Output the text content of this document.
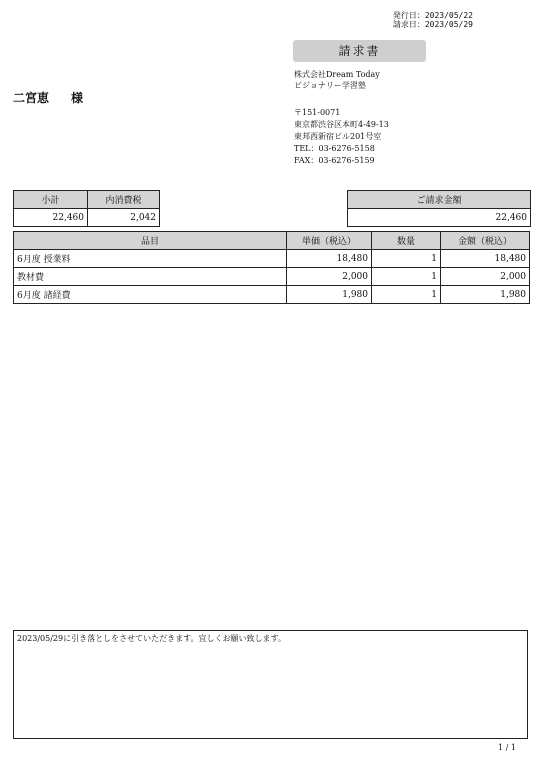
発行日：2023/05/22
請求日：2023/05/29
請求書
二宮恵 様
株式会社Dream Today
ビジョナリー学習塾
〒151-0071
東京都渋谷区本町4-49-13
東邦西新宿ビル201号室
TEL：03-6276-5158
FAX：03-6276-5159
小計	内消費税
22,460	2,042
ご請求金額
22,460
品目	単価（税込）	数量	金額（税込）
6月度 授業料	18,480	1	18,480
教材費	2,000	1	2,000
6月度 諸経費	1,980	1	1,980
2023/05/29に引き落としをさせていただきます。宜しくお願い致します。
1 / 1
